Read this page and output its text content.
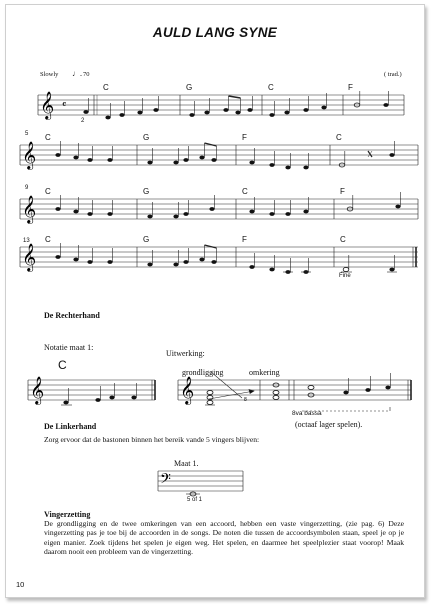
AULD LANG SYNE
Slowly ♩. 70	( trad.)
C	G	C	F
2
5 C	G	F	C
9 C	G	C	F
13 C	G	F	C
Fine
𝄞 𝄴
𝄞
𝄞
𝄞
De Rechterhand
Notatie maat 1:
C
Uitwerking:
grondligging	omkering
8va bassa
(octaaf lager spelen).
𝄞	𝄞	8
De Linkerhand
Zorg ervoor dat de bastonen binnen het bereik vande 5 vingers blijven:
Maat 1.
5 of 1
𝄢
Vingerzetting
De grondligging en de twee omkeringen van een accoord, hebben een vaste vingerzetting, (zie pag. 6) Deze vingerzetting pas je toe bij de accoorden in de songs. De noten die tussen de accoordsymbolen staan, speel je op je eigen manier. Zoek tijdens het spelen je eigen weg. Het spelen, en daarmee het speelplezier staat voorop! Maak daarom nooit een probleem van de vingerzetting.
10
